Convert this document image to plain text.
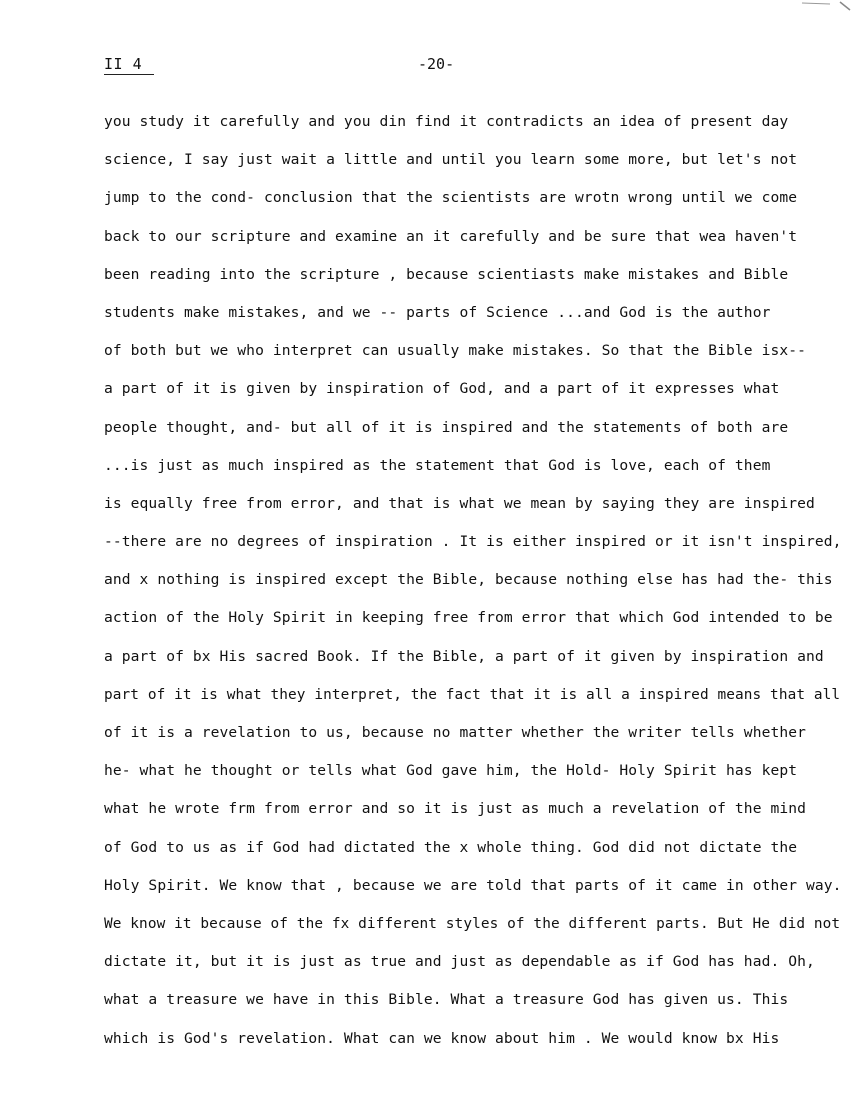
II 4	-20-
you study it carefully and you din find it contradicts an idea of present day
science, I say just wait a little and until you learn some more, but let's not
jump to the cond- conclusion that the scientists are wrotn wrong until we come
back to our scripture and examine an it carefully and be sure that wea haven't
been reading into the scripture , because scientiasts make mistakes and Bible
students make mistakes, and we -- parts of Science ...and God is the author
of both but we who interpret can usually make mistakes. So that the Bible isx--
a part of it is given by inspiration of God, and a part of it expresses what
people thought, and- but all of it is inspired and the statements of both are
...is just as much inspired as the statement that God is love, each of them
is equally free from error, and that is what we mean by saying they are inspired
--there are no degrees of inspiration . It is either inspired or it isn't inspired,
and x nothing is inspired except the Bible, because nothing else has had the- this
action of the Holy Spirit in keeping free from error that which God intended to be
a part of bx His sacred Book. If the Bible, a part of it given by inspiration and
part of it is what they interpret, the fact that it is all a inspired means that all
of it is a revelation to us, because no matter whether the writer tells whether
he- what he thought or tells what God gave him, the Hold- Holy Spirit has kept
what he wrote frm from error and so it is just as much a revelation of the mind
of God to us as if God had dictated the x whole thing. God did not dictate the
Holy Spirit. We know that , because we are told that parts of it came in other way.
We know it because of the fx different styles of the different parts. But He did not
dictate it, but it is just as true and just as dependable as if God has had. Oh,
what a treasure we have in this Bible. What a treasure God has given us. This
which is God's revelation. What can we know about him . We would know bx His
